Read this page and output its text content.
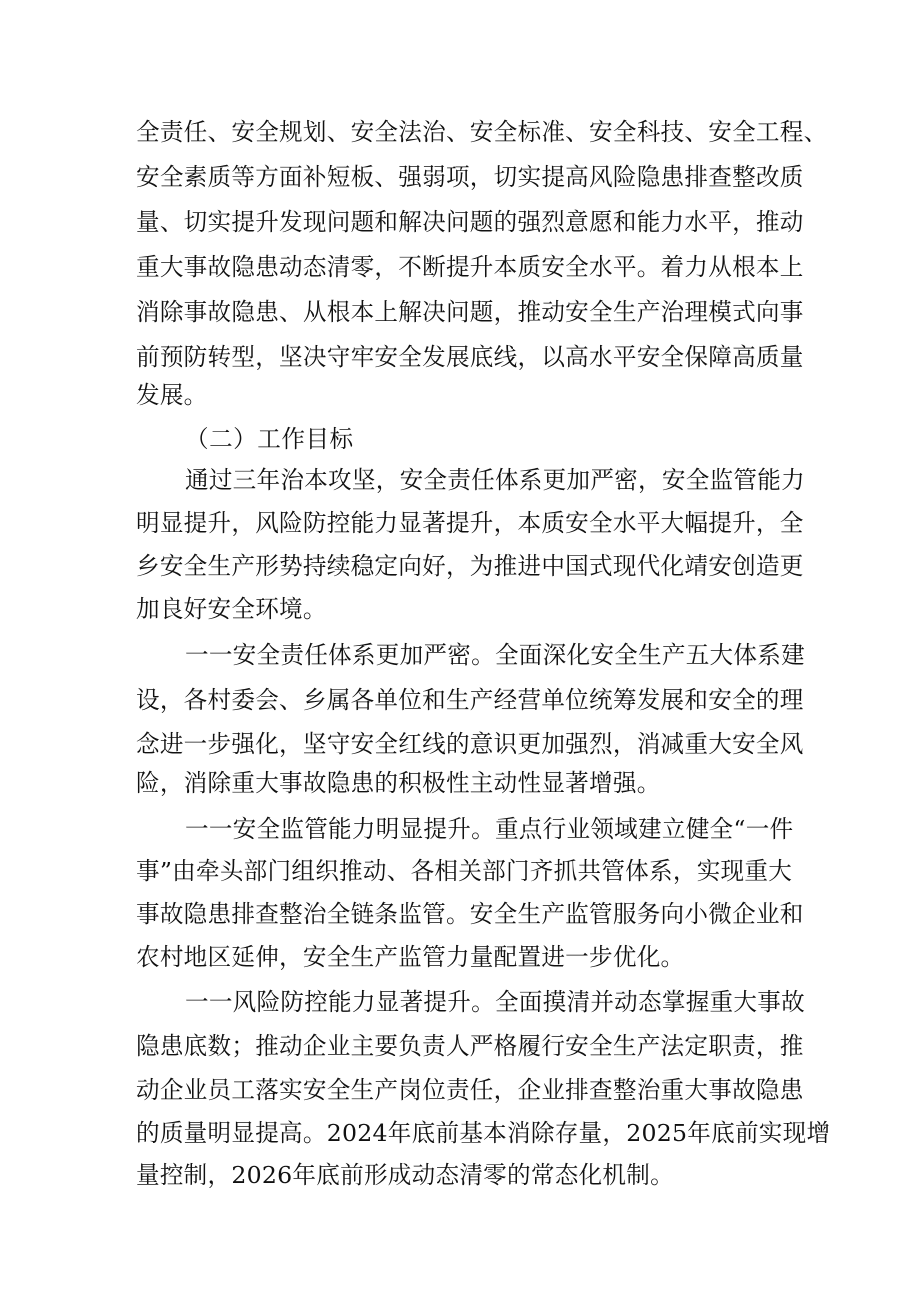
全责任、安全规划、安全法治、安全标准、安全科技、安全工程、
安全素质等方面补短板、强弱项，切实提高风险隐患排查整改质
量、切实提升发现问题和解决问题的强烈意愿和能力水平，推动
重大事故隐患动态清零，不断提升本质安全水平。着力从根本上
消除事故隐患、从根本上解决问题，推动安全生产治理模式向事
前预防转型，坚决守牢安全发展底线，以高水平安全保障高质量
发展。
（二）工作目标
通过三年治本攻坚，安全责任体系更加严密，安全监管能力
明显提升，风险防控能力显著提升，本质安全水平大幅提升，全
乡安全生产形势持续稳定向好，为推进中国式现代化靖安创造更
加良好安全环境。
一一安全责任体系更加严密。全面深化安全生产五大体系建
设，各村委会、乡属各单位和生产经营单位统筹发展和安全的理
念进一步强化，坚守安全红线的意识更加强烈，消减重大安全风
险，消除重大事故隐患的积极性主动性显著增强。
一一安全监管能力明显提升。重点行业领域建立健全“一件
事”由牵头部门组织推动、各相关部门齐抓共管体系，实现重大
事故隐患排查整治全链条监管。安全生产监管服务向小微企业和
农村地区延伸，安全生产监管力量配置进一步优化。
一一风险防控能力显著提升。全面摸清并动态掌握重大事故
隐患底数；推动企业主要负责人严格履行安全生产法定职责，推
动企业员工落实安全生产岗位责任，企业排查整治重大事故隐患
的质量明显提高。2024年底前基本消除存量，2025年底前实现增
量控制，2026年底前形成动态清零的常态化机制。
